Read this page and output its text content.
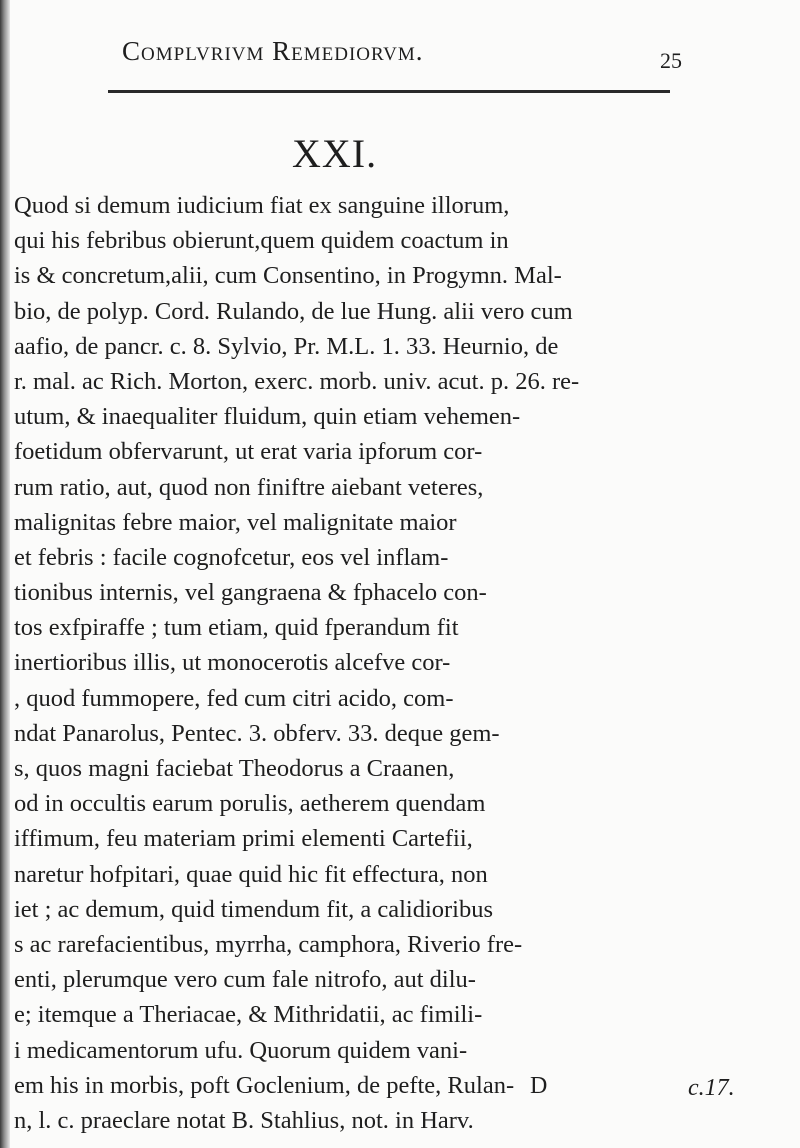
Complvrivm Remediorvm.	25
XXI.
Quod si demum iudicium fiat ex sanguine illorum,
qui his febribus obierunt,quem quidem coactum in
is & concretum,alii, cum Consentino, in Progymn. Mal-
bio, de polyp. Cord. Rulando, de lue Hung. alii vero cum
aafio, de pancr. c. 8. Sylvio, Pr. M.L. 1. 33. Heurnio, de
r. mal. ac Rich. Morton, exerc. morb. univ. acut. p. 26. re-
utum, & inaequaliter fluidum, quin etiam vehemen-
foetidum obfervarunt, ut erat varia ipforum cor-
rum ratio, aut, quod non finiftre aiebant veteres,
malignitas febre maior, vel malignitate maior
et febris : facile cognofcetur, eos vel inflam-
tionibus internis, vel gangraena & fphacelo con-
tos exfpiraffe ; tum etiam, quid fperandum fit
inertioribus illis, ut monocerotis alcefve cor-
, quod fummopere, fed cum citri acido, com-
ndat Panarolus, Pentec. 3. obferv. 33. deque gem-
s, quos magni faciebat Theodorus a Craanen,
od in occultis earum porulis, aetherem quendam
iffimum, feu materiam primi elementi Cartefii,
naretur hofpitari, quae quid hic fit effectura, non
iet ; ac demum, quid timendum fit, a calidioribus
s ac rarefacientibus, myrrha, camphora, Riverio fre-
enti, plerumque vero cum fale nitrofo, aut dilu-
e; itemque a Theriacae, & Mithridatii, ac fimili-
i medicamentorum ufu. Quorum quidem vani-
em his in morbis, poft Goclenium, de pefte, Rulan-
n, l. c. praeclare notat B. Stahlius, not. in Harv.
D	c.17.
